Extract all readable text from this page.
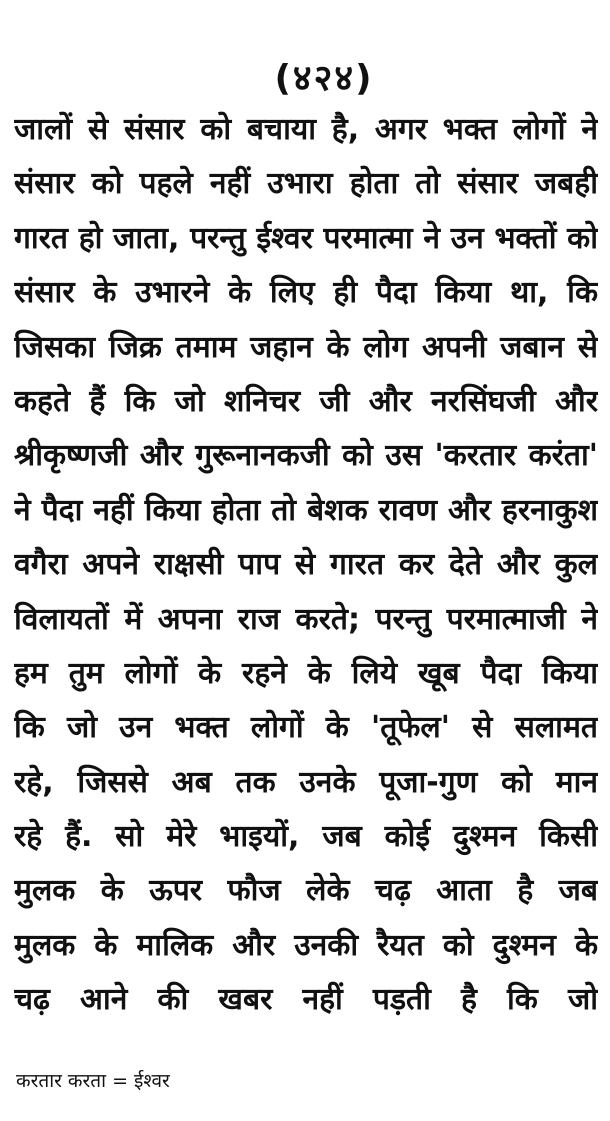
(४२४)
जालों से संसार को बचाया है, अगर भक्त लोगों ने
संसार को पहले नहीं उभारा होता तो संसार जबही
गारत हो जाता, परन्तु ईश्वर परमात्मा ने उन भक्तों को
संसार के उभारने के लिए ही पैदा किया था, कि
जिसका जिक्र तमाम जहान के लोग अपनी जबान से
कहते हैं कि जो शनिचर जी और नरसिंघजी और
श्रीकृष्णजी और गुरूनानकजी को उस 'करतार करंता'
ने पैदा नहीं किया होता तो बेशक रावण और हरनाकुश
वगैरा अपने राक्षसी पाप से गारत कर देते और कुल
विलायतों में अपना राज करते; परन्तु परमात्माजी ने
हम तुम लोगों के रहने के लिये खूब पैदा किया
कि जो उन भक्त लोगों के 'तूफेल' से सलामत
रहे, जिससे अब तक उनके पूजा-गुण को मान
रहे हैं. सो मेरे भाइयों, जब कोई दुश्मन किसी
मुलक के ऊपर फौज लेके चढ़ आता है जब
मुलक के मालिक और उनकी रैयत को दुश्मन के
चढ़ आने की खबर नहीं पड़ती है कि जो
करतार करता = ईश्वर
